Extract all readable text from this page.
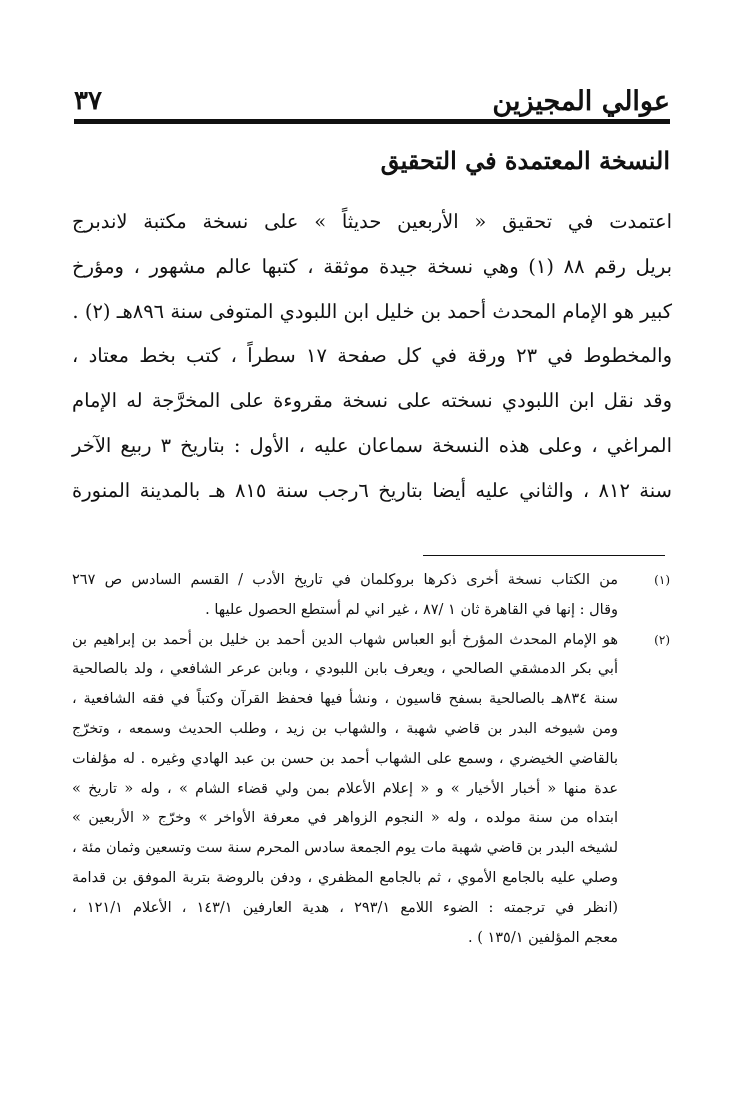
عوالي المجيزين
٣٧
النسخة المعتمدة في التحقيق
اعتمدت في تحقيق « الأربعين حديثاً » على نسخة مكتبة لاندبرج
بريل رقم ٨٨ (١) وهي نسخة جيدة موثقة ، كتبها عالم مشهور ، ومؤرخ
كبير هو الإمام المحدث أحمد بن خليل ابن اللبودي المتوفى سنة ٨٩٦هـ (٢) .
والمخطوط في ٢٣ ورقة في كل صفحة ١٧ سطراً ، كتب بخط معتاد ،
وقد نقل ابن اللبودي نسخته على نسخة مقروءة على المخرَّجة له الإمام
المراغي ، وعلى هذه النسخة سماعان عليه ، الأول : بتاريخ ٣ ربيع الآخر
سنة ٨١٢ ، والثاني عليه أيضا بتاريخ ٦رجب سنة ٨١٥ هـ بالمدينة المنورة
(١)
من الكتاب نسخة أخرى ذكرها بروكلمان في تاريخ الأدب / القسم السادس ص ٢٦٧
وقال : إنها في القاهرة ثان ١ /٨٧ ، غير اني لم أستطع الحصول عليها .
(٢)
هو الإمام المحدث المؤرخ أبو العباس شهاب الدين أحمد بن خليل بن أحمد بن إبراهيم بن
أبي بكر الدمشقي الصالحي ، ويعرف بابن اللبودي ، وبابن عرعر الشافعي ، ولد بالصالحية
سنة ٨٣٤هـ بالصالحية بسفح قاسيون ، ونشأ فيها فحفظ القرآن وكتباً في فقه الشافعية ،
ومن شيوخه البدر بن قاضي شهبة ، والشهاب بن زيد ، وطلب الحديث وسمعه ، وتخرّج
بالقاضي الخيضري ، وسمع على الشهاب أحمد بن حسن بن عبد الهادي وغيره . له مؤلفات
عدة منها « أخبار الأخيار » و « إعلام الأعلام بمن ولي قضاء الشام » ، وله « تاريخ »
ابتداه من سنة مولده ، وله « النجوم الزواهر في معرفة الأواخر » وخرّج « الأربعين »
لشيخه البدر بن قاضي شهبة مات يوم الجمعة سادس المحرم سنة ست وتسعين وثمان مئة ،
وصلي عليه بالجامع الأموي ، ثم بالجامع المظفري ، ودفن بالروضة بتربة الموفق بن قدامة
(انظر في ترجمته : الضوء اللامع ٢٩٣/١ ، هدية العارفين ١٤٣/١ ، الأعلام ١٢١/١ ،
معجم المؤلفين ١٣٥/١ ) .
